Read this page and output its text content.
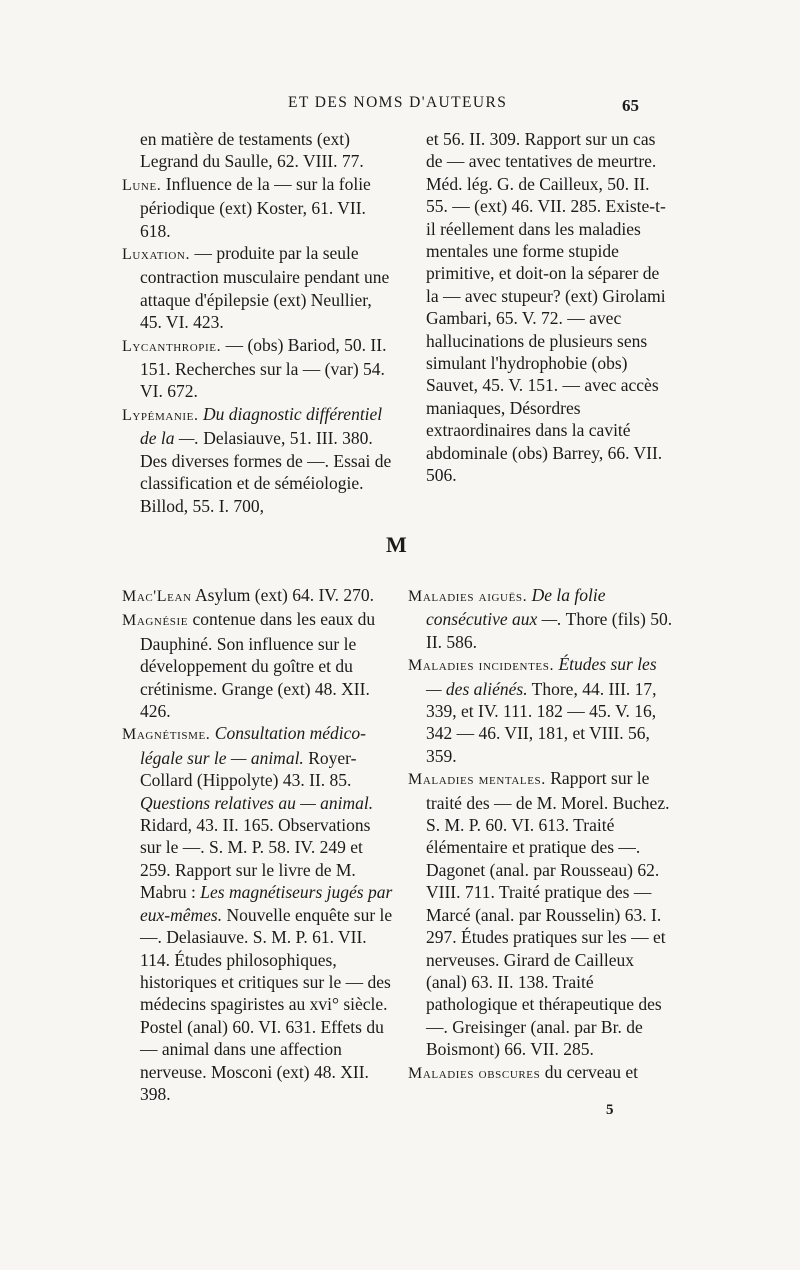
ET DES NOMS D'AUTEURS	65

en matière de testaments (ext) Legrand du Saulle, 62. VIII. 77.

Lune. Influence de la — sur la folie périodique (ext) Koster, 61. VII. 618.

Luxation. — produite par la seule contraction musculaire pendant une attaque d'épilepsie (ext) Neullier, 45. VI. 423.

Lycanthropie. — (obs) Bariod, 50. II. 151. Recherches sur la — (var) 54. VI. 672.

Lypémanie. Du diagnostic différentiel de la —. Delasiauve, 51. III. 380. Des diverses formes de —. Essai de classification et de séméiologie. Billod, 55. I. 700,

et 56. II. 309. Rapport sur un cas de — avec tentatives de meurtre. Méd. lég. G. de Cailleux, 50. II. 55. — (ext) 46. VII. 285. Existe-t-il réellement dans les maladies mentales une forme stupide primitive, et doit-on la séparer de la — avec stupeur? (ext) Girolami Gambari, 65. V. 72. — avec hallucinations de plusieurs sens simulant l'hydrophobie (obs) Sauvet, 45. V. 151. — avec accès maniaques, Désordres extraordinaires dans la cavité abdominale (obs) Barrey, 66. VII. 506.

M

Mac'Lean Asylum (ext) 64. IV. 270.

Magnésie contenue dans les eaux du Dauphiné. Son influence sur le développement du goître et du crétinisme. Grange (ext) 48. XII. 426.

Magnétisme. Consultation médico-légale sur le — animal. Royer-Collard (Hippolyte) 43. II. 85. Questions relatives au — animal. Ridard, 43. II. 165. Observations sur le —. S. M. P. 58. IV. 249 et 259. Rapport sur le livre de M. Mabru : Les magnétiseurs jugés par eux-mêmes. Nouvelle enquête sur le —. Delasiauve. S. M. P. 61. VII. 114. Études philosophiques, historiques et critiques sur le — des médecins spagiristes au xvi° siècle. Postel (anal) 60. VI. 631. Effets du — animal dans une affection nerveuse. Mosconi (ext) 48. XII. 398.

Maladies aiguës. De la folie consécutive aux —. Thore (fils) 50. II. 586.

Maladies incidentes. Études sur les — des aliénés. Thore, 44. III. 17, 339, et IV. 111. 182 — 45. V. 16, 342 — 46. VII, 181, et VIII. 56, 359.

Maladies mentales. Rapport sur le traité des — de M. Morel. Buchez. S. M. P. 60. VI. 613. Traité élémentaire et pratique des —. Dagonet (anal. par Rousseau) 62. VIII. 711. Traité pratique des — Marcé (anal. par Rousselin) 63. I. 297. Études pratiques sur les — et nerveuses. Girard de Cailleux (anal) 63. II. 138. Traité pathologique et thérapeutique des —. Greisinger (anal. par Br. de Boismont) 66. VII. 285.

Maladies obscures du cerveau et

5
